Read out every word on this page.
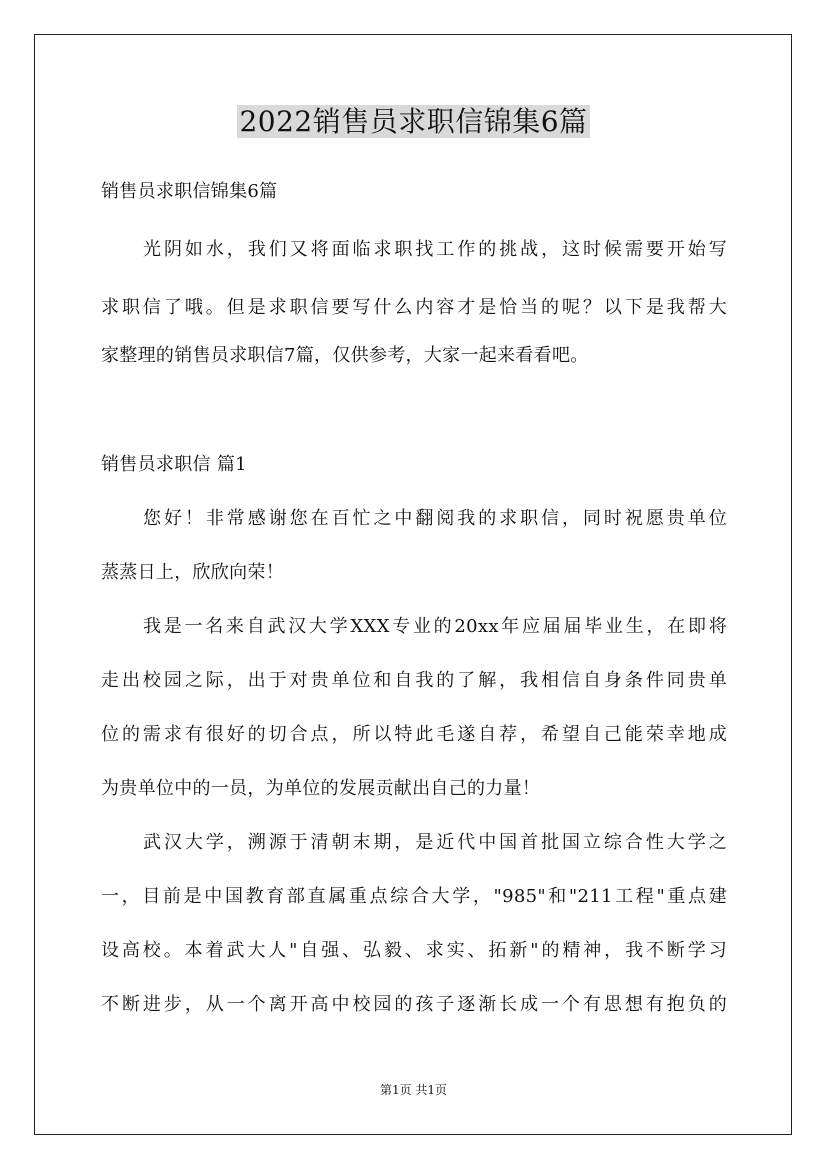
2022销售员求职信锦集6篇

销售员求职信锦集6篇

光阴如水，我们又将面临求职找工作的挑战，这时候需要开始写

求职信了哦。但是求职信要写什么内容才是恰当的呢？以下是我帮大

家整理的销售员求职信7篇，仅供参考，大家一起来看看吧。

销售员求职信 篇1

您好！非常感谢您在百忙之中翻阅我的求职信，同时祝愿贵单位

蒸蒸日上，欣欣向荣！

我是一名来自武汉大学XXX专业的20xx年应届届毕业生，在即将

走出校园之际，出于对贵单位和自我的了解，我相信自身条件同贵单

位的需求有很好的切合点，所以特此毛遂自荐，希望自己能荣幸地成

为贵单位中的一员，为单位的发展贡献出自己的力量！

武汉大学，溯源于清朝末期，是近代中国首批国立综合性大学之

一，目前是中国教育部直属重点综合大学，"985"和"211工程"重点建

设高校。本着武大人"自强、弘毅、求实、拓新"的精神，我不断学习

不断进步，从一个离开高中校园的孩子逐渐长成一个有思想有抱负的

第1页 共1页
